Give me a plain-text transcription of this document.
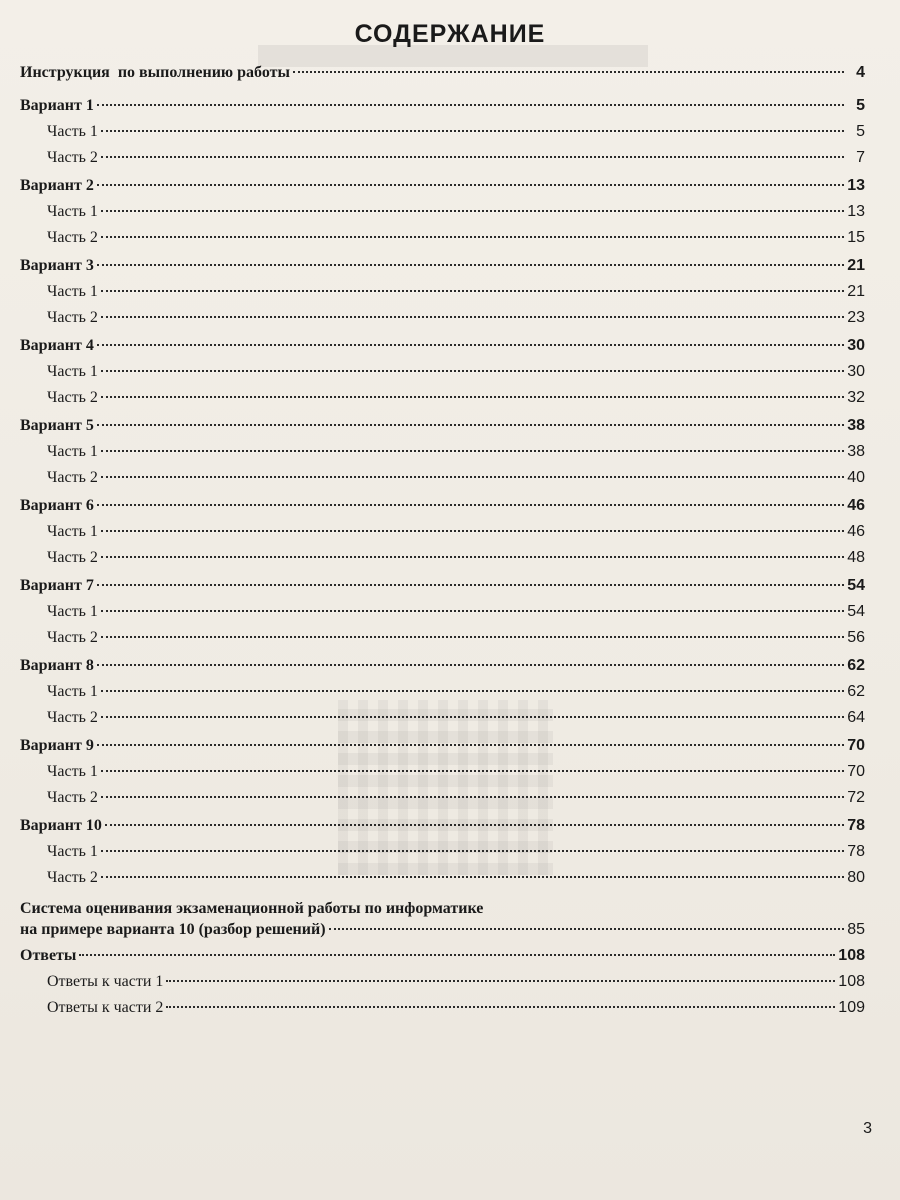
СОДЕРЖАНИЕ
Инструкция  по выполнению работы	4
Вариант 1	5
Часть 1	5
Часть 2	7
Вариант 2	13
Часть 1	13
Часть 2	15
Вариант 3	21
Часть 1	21
Часть 2	23
Вариант 4	30
Часть 1	30
Часть 2	32
Вариант 5	38
Часть 1	38
Часть 2	40
Вариант 6	46
Часть 1	46
Часть 2	48
Вариант 7	54
Часть 1	54
Часть 2	56
Вариант 8	62
Часть 1	62
Часть 2	64
Вариант 9	70
Часть 1	70
Часть 2	72
Вариант 10	78
Часть 1	78
Часть 2	80
Система оценивания экзаменационной работы по информатике
на примере варианта 10 (разбор решений)	85
Ответы	108
Ответы к части 1	108
Ответы к части 2	109
3
